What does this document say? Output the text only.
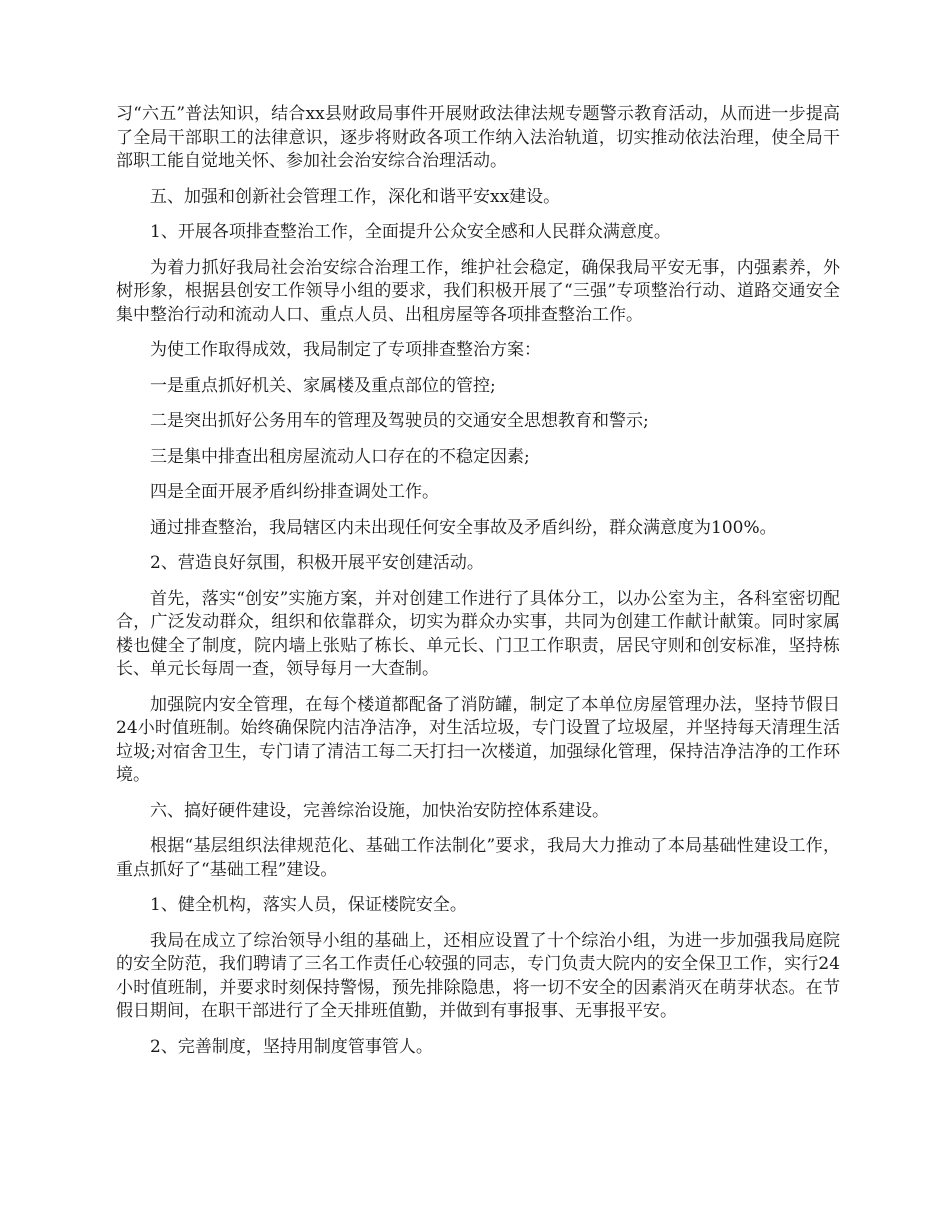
习“六五”普法知识，结合xx县财政局事件开展财政法律法规专题警示教育活动，从而进一步提高了全局干部职工的法律意识，逐步将财政各项工作纳入法治轨道，切实推动依法治理，使全局干部职工能自觉地关怀、参加社会治安综合治理活动。

五、加强和创新社会管理工作，深化和谐平安xx建设。

1、开展各项排查整治工作，全面提升公众安全感和人民群众满意度。

为着力抓好我局社会治安综合治理工作，维护社会稳定，确保我局平安无事，内强素养，外树形象，根据县创安工作领导小组的要求，我们积极开展了“三强”专项整治行动、道路交通安全集中整治行动和流动人口、重点人员、出租房屋等各项排查整治工作。

为使工作取得成效，我局制定了专项排查整治方案：

一是重点抓好机关、家属楼及重点部位的管控;

二是突出抓好公务用车的管理及驾驶员的交通安全思想教育和警示;

三是集中排查出租房屋流动人口存在的不稳定因素;

四是全面开展矛盾纠纷排查调处工作。

通过排查整治，我局辖区内未出现任何安全事故及矛盾纠纷，群众满意度为100%。

2、营造良好氛围，积极开展平安创建活动。

首先，落实“创安”实施方案，并对创建工作进行了具体分工，以办公室为主，各科室密切配合，广泛发动群众，组织和依靠群众，切实为群众办实事，共同为创建工作献计献策。同时家属楼也健全了制度，院内墙上张贴了栋长、单元长、门卫工作职责，居民守则和创安标准，坚持栋长、单元长每周一查，领导每月一大查制。

加强院内安全管理，在每个楼道都配备了消防罐，制定了本单位房屋管理办法，坚持节假日24小时值班制。始终确保院内洁净洁净，对生活垃圾，专门设置了垃圾屋，并坚持每天清理生活垃圾;对宿舍卫生，专门请了清洁工每二天打扫一次楼道，加强绿化管理，保持洁净洁净的工作环境。

六、搞好硬件建设，完善综治设施，加快治安防控体系建设。

根据“基层组织法律规范化、基础工作法制化”要求，我局大力推动了本局基础性建设工作，重点抓好了“基础工程”建设。

1、健全机构，落实人员，保证楼院安全。

我局在成立了综治领导小组的基础上，还相应设置了十个综治小组，为进一步加强我局庭院的安全防范，我们聘请了三名工作责任心较强的同志，专门负责大院内的安全保卫工作，实行24小时值班制，并要求时刻保持警惕，预先排除隐患，将一切不安全的因素消灭在萌芽状态。在节假日期间，在职干部进行了全天排班值勤，并做到有事报事、无事报平安。

2、完善制度，坚持用制度管事管人。
